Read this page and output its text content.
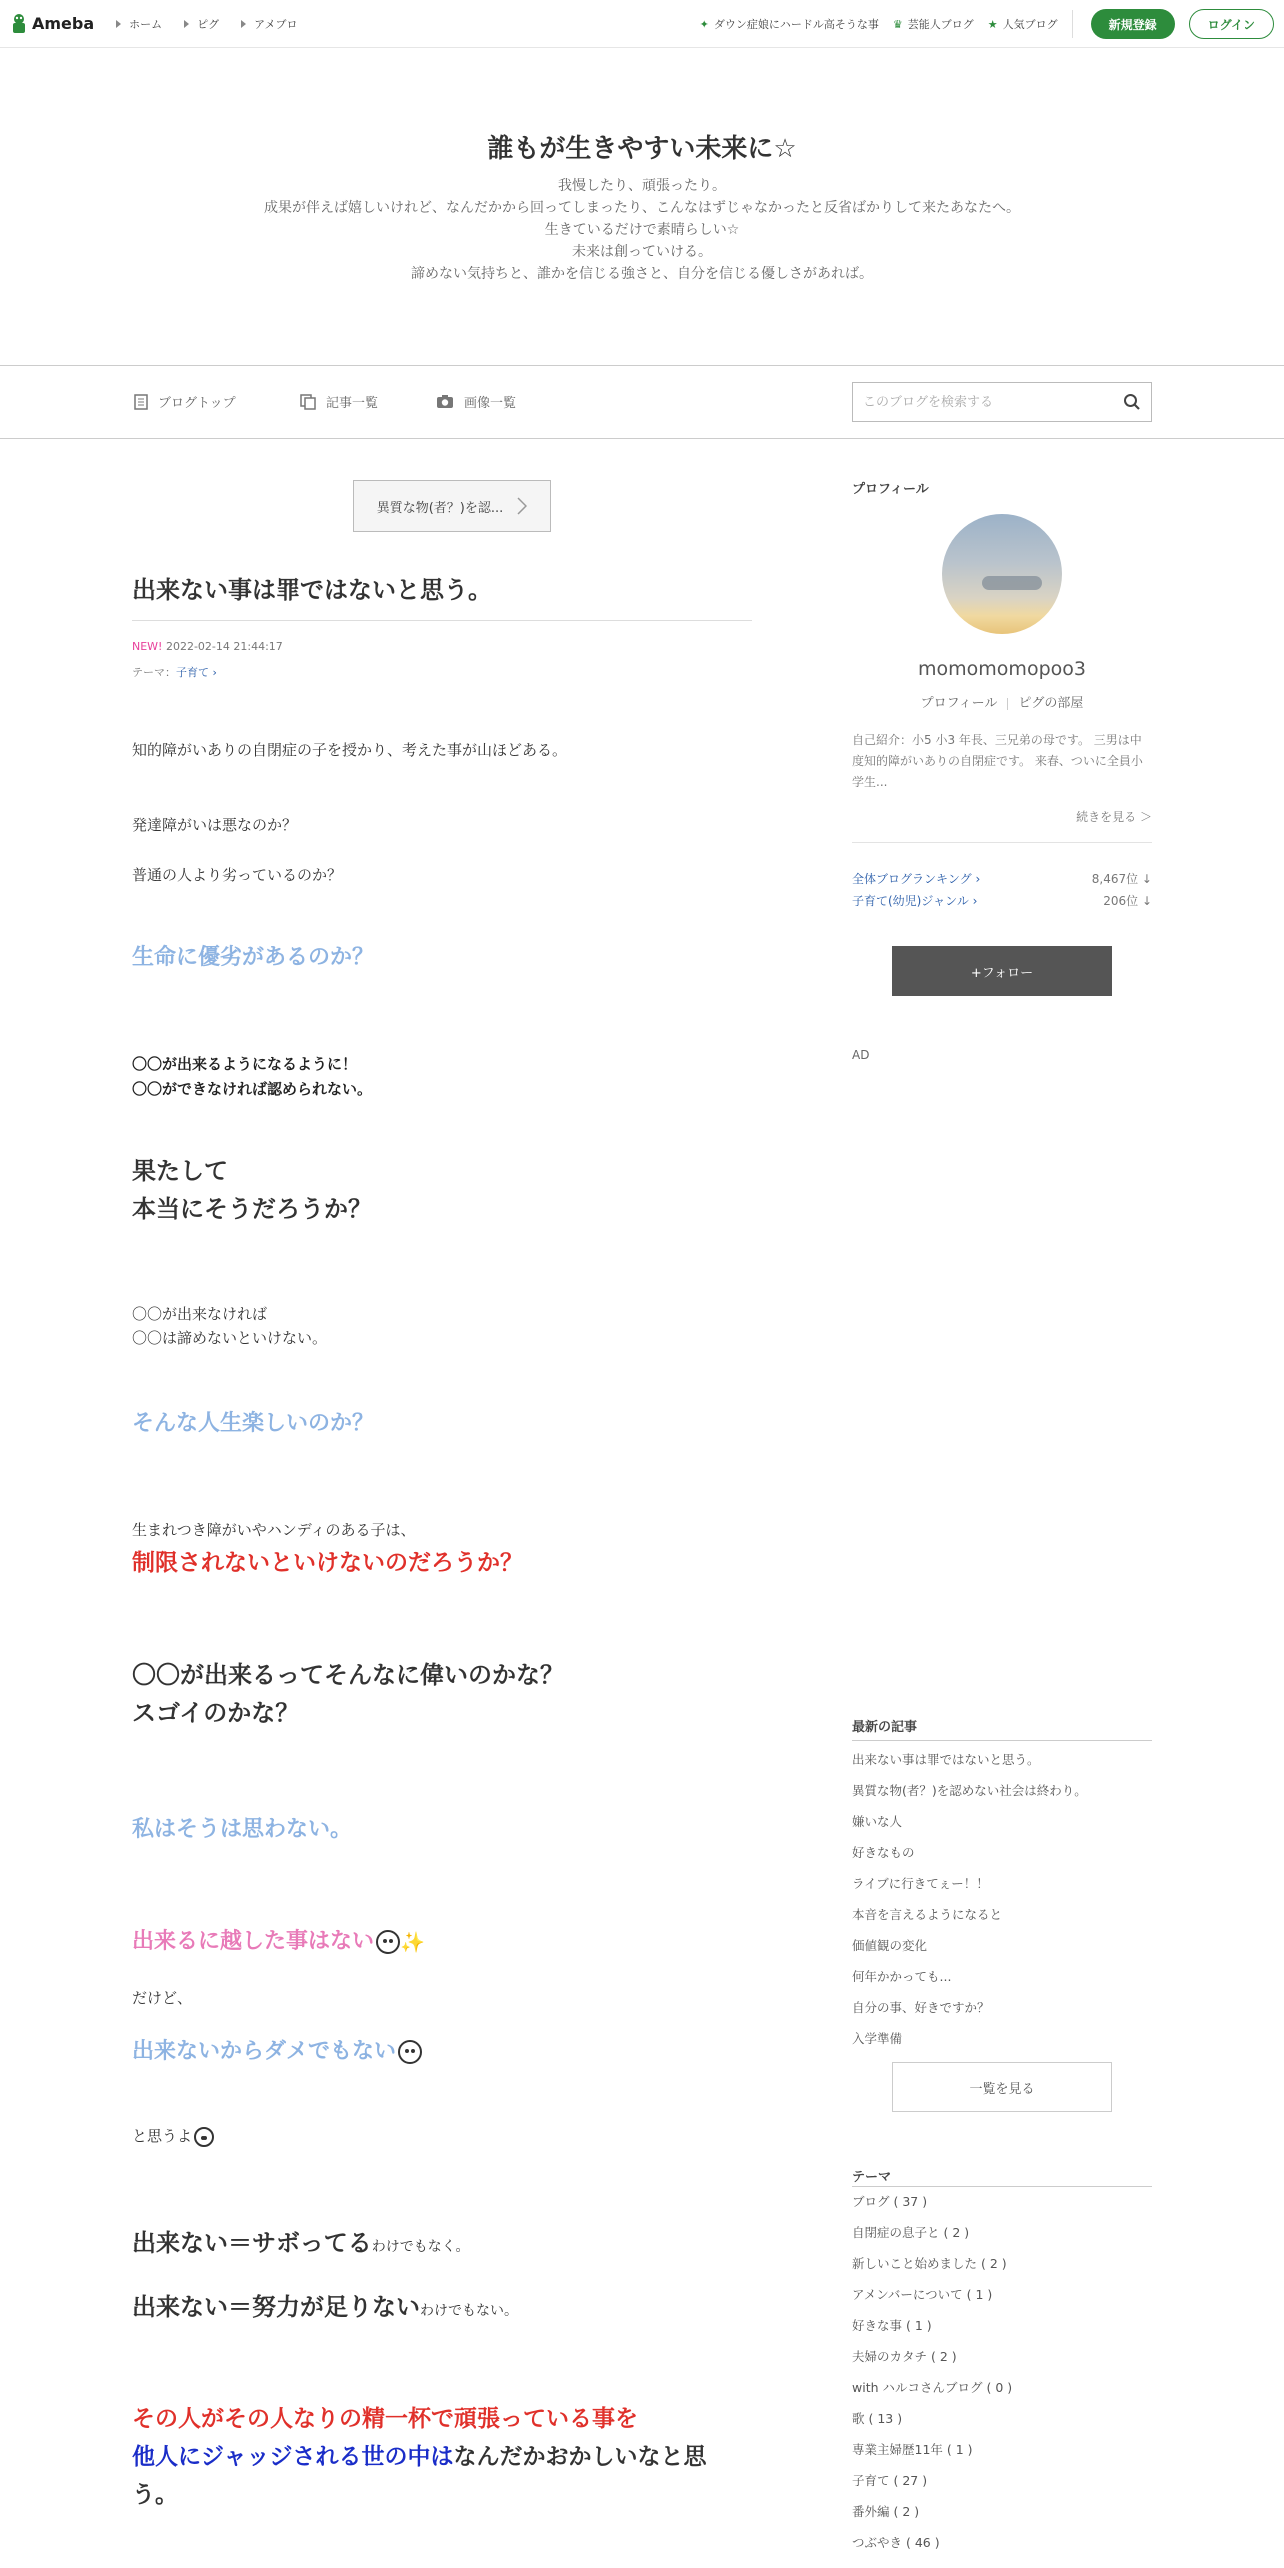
Ameba	ホーム	ピグ	アメブロ	✦ ダウン症娘にハードル高そうな事 ♛ 芸能人ブログ ★ 人気ブログ	新規登録	ログイン
誰もが生きやすい未来に☆
我慢したり、頑張ったり。
成果が伴えば嬉しいけれど、なんだかから回ってしまったり、こんなはずじゃなかったと反省ばかりして来たあなたへ。
生きているだけで素晴らしい☆
未来は創っていける。
諦めない気持ちと、誰かを信じる強さと、自分を信じる優しさがあれば。
ブログトップ	記事一覧	画像一覧
このブログを検索する
異質な物(者？)を認...
出来ない事は罪ではないと思う。
NEW! 2022-02-14 21:44:17
テーマ：子育て ›
知的障がいありの自閉症の子を授かり、考えた事が山ほどある。
発達障がいは悪なのか？
普通の人より劣っているのか？
生命に優劣があるのか？
〇〇が出来るようになるように！
〇〇ができなければ認められない。
果たして
本当にそうだろうか？
〇〇が出来なければ
〇〇は諦めないといけない。
そんな人生楽しいのか？
生まれつき障がいやハンディのある子は、
制限されないといけないのだろうか？
〇〇が出来るってそんなに偉いのかな？
スゴイのかな？
私はそうは思わない。
出来るに越した事はない ✨
だけど、
出来ないからダメでもない
と思うよ
出来ない＝サボってるわけでもなく。
出来ない＝努力が足りないわけでもない。
その人がその人なりの精一杯で頑張っている事を
他人にジャッジされる世の中はなんだかおかしいなと思
う。
プロフィール
momomomopoo3
プロフィール ピグの部屋
自己紹介：小5 小3 年長、三兄弟の母です。 三男は中度知的障がいありの自閉症です。 来春、ついに全員小学生...
続きを見る ＞
全体ブログランキング ›	8,467位 ↓
子育て(幼児)ジャンル ›	206位 ↓
+フォロー
AD
最新の記事
出来ない事は罪ではないと思う。
異質な物(者？)を認めない社会は終わり。
嫌いな人
好きなもの
ライブに行きてぇー！！
本音を言えるようになると
価値観の変化
何年かかっても...
自分の事、好きですか？
入学準備
一覧を見る
テーマ
ブログ ( 37 )
自閉症の息子と ( 2 )
新しいこと始めました ( 2 )
アメンバーについて ( 1 )
好きな事 ( 1 )
夫婦のカタチ ( 2 )
with ハルコさんブログ ( 0 )
歌 ( 13 )
専業主婦歴11年 ( 1 )
子育て ( 27 )
番外編 ( 2 )
つぶやき ( 46 )
